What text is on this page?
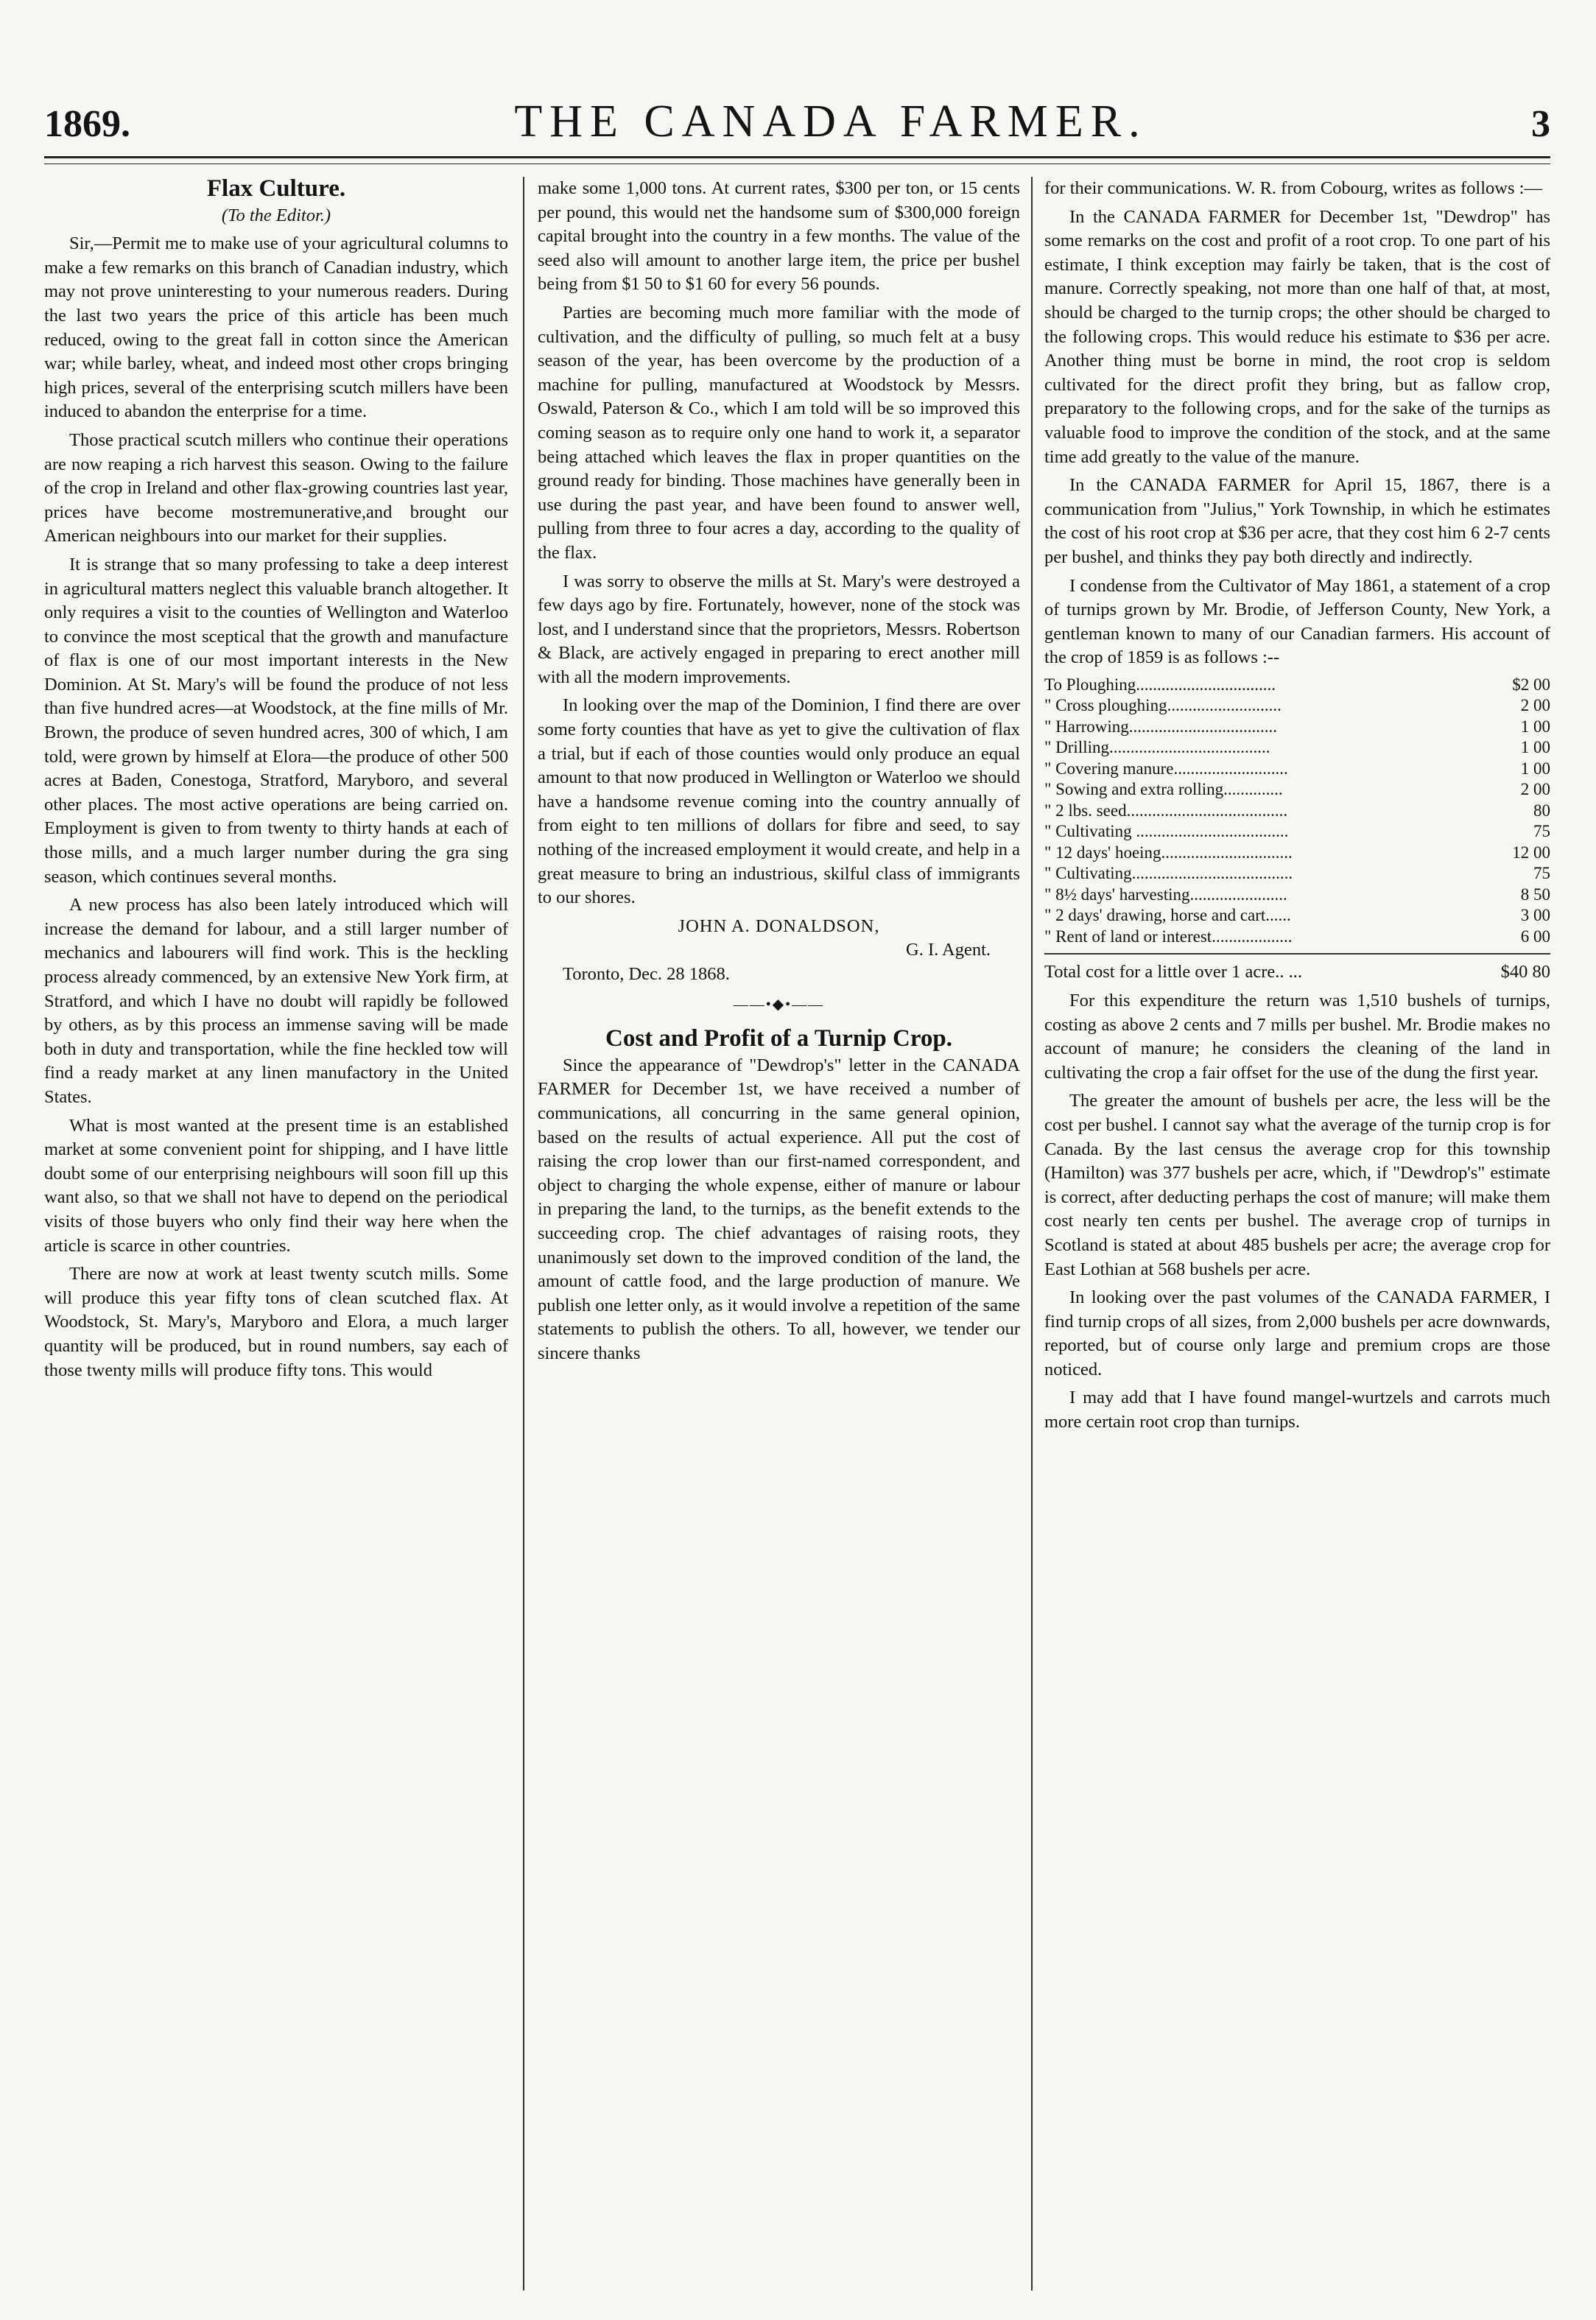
1869.	THE CANADA FARMER.	3
Flax Culture.
(To the Editor.)

Sir,—Permit me to make use of your agricultural columns to make a few remarks on this branch of Canadian industry, which may not prove uninteresting to your numerous readers. During the last two years the price of this article has been much reduced, owing to the great fall in cotton since the American war; while barley, wheat, and indeed most other crops bringing high prices, several of the enterprising scutch millers have been induced to abandon the enterprise for a time.

Those practical scutch millers who continue their operations are now reaping a rich harvest this season. Owing to the failure of the crop in Ireland and other flax-growing countries last year, prices have become mostremunerative,and brought our American neighbours into our market for their supplies.

It is strange that so many professing to take a deep interest in agricultural matters neglect this valuable branch altogether. It only requires a visit to the counties of Wellington and Waterloo to convince the most sceptical that the growth and manufacture of flax is one of our most important interests in the New Dominion. At St. Mary's will be found the produce of not less than five hundred acres—at Woodstock, at the fine mills of Mr. Brown, the produce of seven hundred acres, 300 of which, I am told, were grown by himself at Elora—the produce of other 500 acres at Baden, Conestoga, Stratford, Maryboro, and several other places. The most active operations are being carried on. Employment is given to from twenty to thirty hands at each of those mills, and a much larger number during the gra sing season, which continues several months.

A new process has also been lately introduced which will increase the demand for labour, and a still larger number of mechanics and labourers will find work. This is the heckling process already commenced, by an extensive New York firm, at Stratford, and which I have no doubt will rapidly be followed by others, as by this process an immense saving will be made both in duty and transportation, while the fine heckled tow will find a ready market at any linen manufactory in the United States.

What is most wanted at the present time is an established market at some convenient point for shipping, and I have little doubt some of our enterprising neighbours will soon fill up this want also, so that we shall not have to depend on the periodical visits of those buyers who only find their way here when the article is scarce in other countries.

There are now at work at least twenty scutch mills. Some will produce this year fifty tons of clean scutched flax. At Woodstock, St. Mary's, Maryboro and Elora, a much larger quantity will be produced, but in round numbers, say each of those twenty mills will produce fifty tons. This would

make some 1,000 tons. At current rates, $300 per ton, or 15 cents per pound, this would net the handsome sum of $300,000 foreign capital brought into the country in a few months. The value of the seed also will amount to another large item, the price per bushel being from $1 50 to $1 60 for every 56 pounds.

Parties are becoming much more familiar with the mode of cultivation, and the difficulty of pulling, so much felt at a busy season of the year, has been overcome by the production of a machine for pulling, manufactured at Woodstock by Messrs. Oswald, Paterson & Co., which I am told will be so improved this coming season as to require only one hand to work it, a separator being attached which leaves the flax in proper quantities on the ground ready for binding. Those machines have generally been in use during the past year, and have been found to answer well, pulling from three to four acres a day, according to the quality of the flax.

I was sorry to observe the mills at St. Mary's were destroyed a few days ago by fire. Fortunately, however, none of the stock was lost, and I understand since that the proprietors, Messrs. Robertson & Black, are actively engaged in preparing to erect another mill with all the modern improvements.

In looking over the map of the Dominion, I find there are over some forty counties that have as yet to give the cultivation of flax a trial, but if each of those counties would only produce an equal amount to that now produced in Wellington or Waterloo we should have a handsome revenue coming into the country annually of from eight to ten millions of dollars for fibre and seed, to say nothing of the increased employment it would create, and help in a great measure to bring an industrious, skilful class of immigrants to our shores.

JOHN A. DONALDSON,
G. I. Agent.
Toronto, Dec. 28 1868.
——•◆•——
Cost and Profit of a Turnip Crop.

Since the appearance of "Dewdrop's" letter in the CANADA FARMER for December 1st, we have received a number of communications, all concurring in the same general opinion, based on the results of actual experience. All put the cost of raising the crop lower than our first-named correspondent, and object to charging the whole expense, either of manure or labour in preparing the land, to the turnips, as the benefit extends to the succeeding crop. The chief advantages of raising roots, they unanimously set down to the improved condition of the land, the amount of cattle food, and the large production of manure. We publish one letter only, as it would involve a repetition of the same statements to publish the others. To all, however, we tender our sincere thanks

for their communications. W. R. from Cobourg, writes as follows :—

In the CANADA FARMER for December 1st, "Dewdrop" has some remarks on the cost and profit of a root crop. To one part of his estimate, I think exception may fairly be taken, that is the cost of manure. Correctly speaking, not more than one half of that, at most, should be charged to the turnip crops; the other should be charged to the following crops. This would reduce his estimate to $36 per acre. Another thing must be borne in mind, the root crop is seldom cultivated for the direct profit they bring, but as fallow crop, preparatory to the following crops, and for the sake of the turnips as valuable food to improve the condition of the stock, and at the same time add greatly to the value of the manure.

In the CANADA FARMER for April 15, 1867, there is a communication from "Julius," York Township, in which he estimates the cost of his root crop at $36 per acre, that they cost him 6 2-7 cents per bushel, and thinks they pay both directly and indirectly.

I condense from the Cultivator of May 1861, a statement of a crop of turnips grown by Mr. Brodie, of Jefferson County, New York, a gentleman known to many of our Canadian farmers. His account of the crop of 1859 is as follows :--

To Ploughing.................................	$2 00
" Cross ploughing...........................	2 00
" Harrowing...................................	1 00
" Drilling......................................	1 00
" Covering manure...........................	1 00
" Sowing and extra rolling..............	2 00
" 2 lbs. seed......................................	80
" Cultivating ....................................	75
" 12 days' hoeing...............................	12 00
" Cultivating......................................	75
" 8½ days' harvesting.......................	8 50
" 2 days' drawing, horse and cart......	3 00
" Rent of land or interest...................	6 00
Total cost for a little over 1 acre.. ...	$40 80

For this expenditure the return was 1,510 bushels of turnips, costing as above 2 cents and 7 mills per bushel. Mr. Brodie makes no account of manure; he considers the cleaning of the land in cultivating the crop a fair offset for the use of the dung the first year.

The greater the amount of bushels per acre, the less will be the cost per bushel. I cannot say what the average of the turnip crop is for Canada. By the last census the average crop for this township (Hamilton) was 377 bushels per acre, which, if "Dewdrop's" estimate is correct, after deducting perhaps the cost of manure; will make them cost nearly ten cents per bushel. The average crop of turnips in Scotland is stated at about 485 bushels per acre; the average crop for East Lothian at 568 bushels per acre.

In looking over the past volumes of the CANADA FARMER, I find turnip crops of all sizes, from 2,000 bushels per acre downwards, reported, but of course only large and premium crops are those noticed.

I may add that I have found mangel-wurtzels and carrots much more certain root crop than turnips.
